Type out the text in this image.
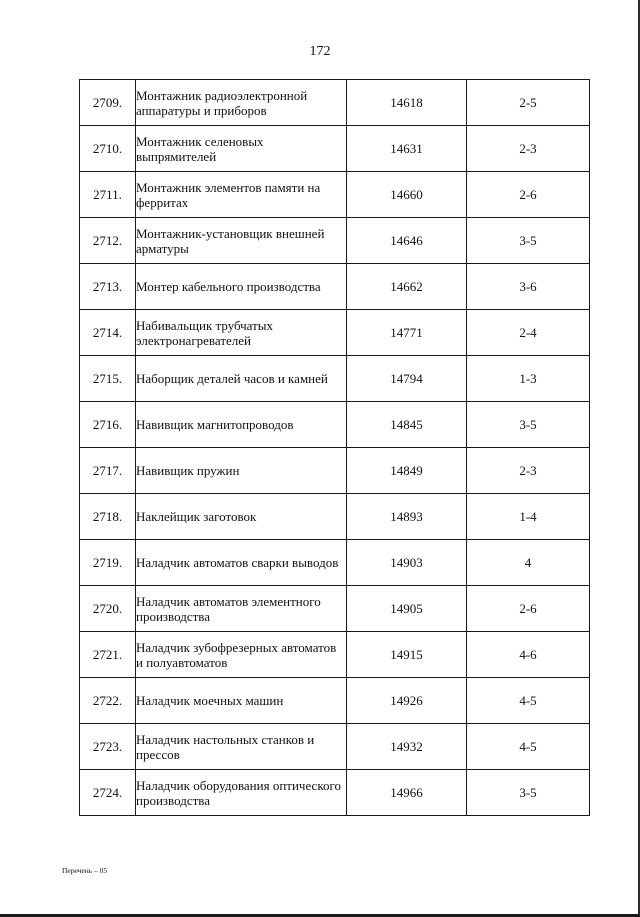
172
2709.	Монтажник радиоэлектронной аппаратуры и приборов	14618	2-5
2710.	Монтажник селеновых выпрямителей	14631	2-3
2711.	Монтажник элементов памяти на ферритах	14660	2-6
2712.	Монтажник-установщик внешней арматуры	14646	3-5
2713.	Монтер кабельного производства	14662	3-6
2714.	Набивальщик трубчатых электронагревателей	14771	2-4
2715.	Наборщик деталей часов и камней	14794	1-3
2716.	Навивщик магнитопроводов	14845	3-5
2717.	Навивщик пружин	14849	2-3
2718.	Наклейщик заготовок	14893	1-4
2719.	Наладчик автоматов сварки выводов	14903	4
2720.	Наладчик автоматов элементного производства	14905	2-6
2721.	Наладчик зубофрезерных автоматов и полуавтоматов	14915	4-6
2722.	Наладчик моечных машин	14926	4-5
2723.	Наладчик настольных станков и прессов	14932	4-5
2724.	Наладчик оборудования оптического производства	14966	3-5
Перечень – 05
